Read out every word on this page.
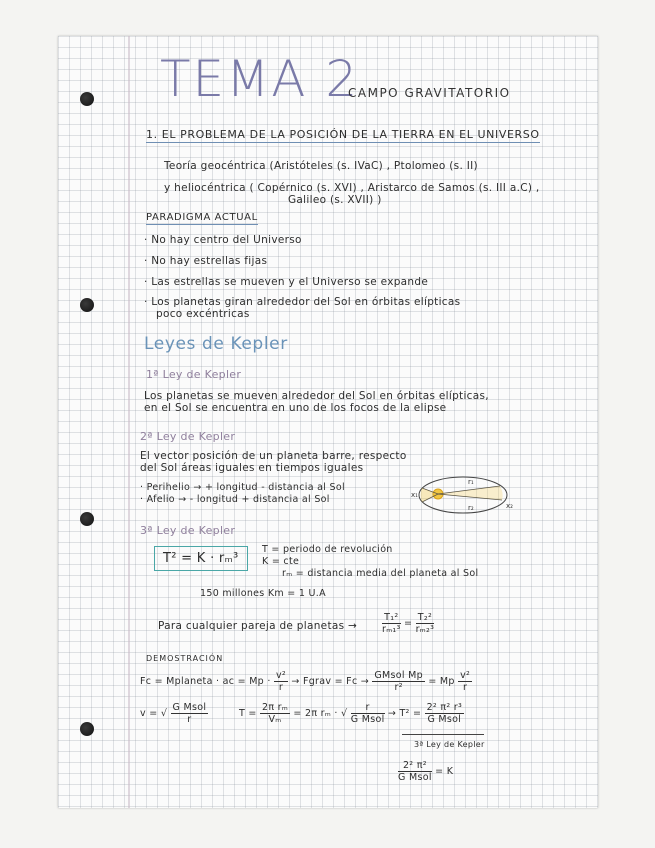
TEMA 2
CAMPO GRAVITATORIO
1. EL PROBLEMA DE LA POSICIÓN DE LA TIERRA EN EL UNIVERSO
Teoría geocéntrica (Aristóteles (s. IVaC) , Ptolomeo (s. II)
y heliocéntrica ( Copérnico (s. XVI) , Aristarco de Samos (s. III a.C) ,
Galileo (s. XVII) )
PARADIGMA ACTUAL
· No hay centro del Universo
· No hay estrellas fijas
· Las estrellas se mueven y el Universo se expande
· Los planetas giran alrededor del Sol en órbitas elípticas
poco excéntricas
Leyes de Kepler
1ª Ley de Kepler
Los planetas se mueven alrededor del Sol en órbitas elípticas,
en el Sol se encuentra en uno de los focos de la elipse
2ª Ley de Kepler
El vector posición de un planeta barre, respecto
del Sol áreas iguales en tiempos iguales
· Perihelio → + longitud - distancia al Sol
· Afelio → - longitud + distancia al Sol	x₁
r₁
x₂
r₂
3ª Ley de Kepler
T² = K · rₘ³
T = periodo de revolución
K = cte
rₘ = distancia media del planeta al Sol
150 millones Km = 1 U.A
Para cualquier pareja de planetas →	$\frac{\text{T₁²}}{\text{rₘ₁³}} = \frac{\text{T₂²}}{\text{rₘ₂³}}$
DEMOSTRACIÓN
Fc = Mplaneta · ac = $Mp \cdot \frac{\text{v²}}{r}$ → Fgrav = $Fc \to \frac{\text{GMsol Mp}}{\text{r²}} = Mp \frac{\text{v²}}{r}$
v = √ $\frac{\text{G Msol}}{r}$	$T = \frac{\text{2π rₘ}}{\text{Vₘ}} = 2\pi$ rₘ · √ $\frac{r}{\text{G Msol}} \to T^2 = \frac{\text{2² π² r³}}{\text{G Msol}}$
3ª Ley de Kepler
$\frac{\text{2² π²}}{\text{G Msol}} = K$
